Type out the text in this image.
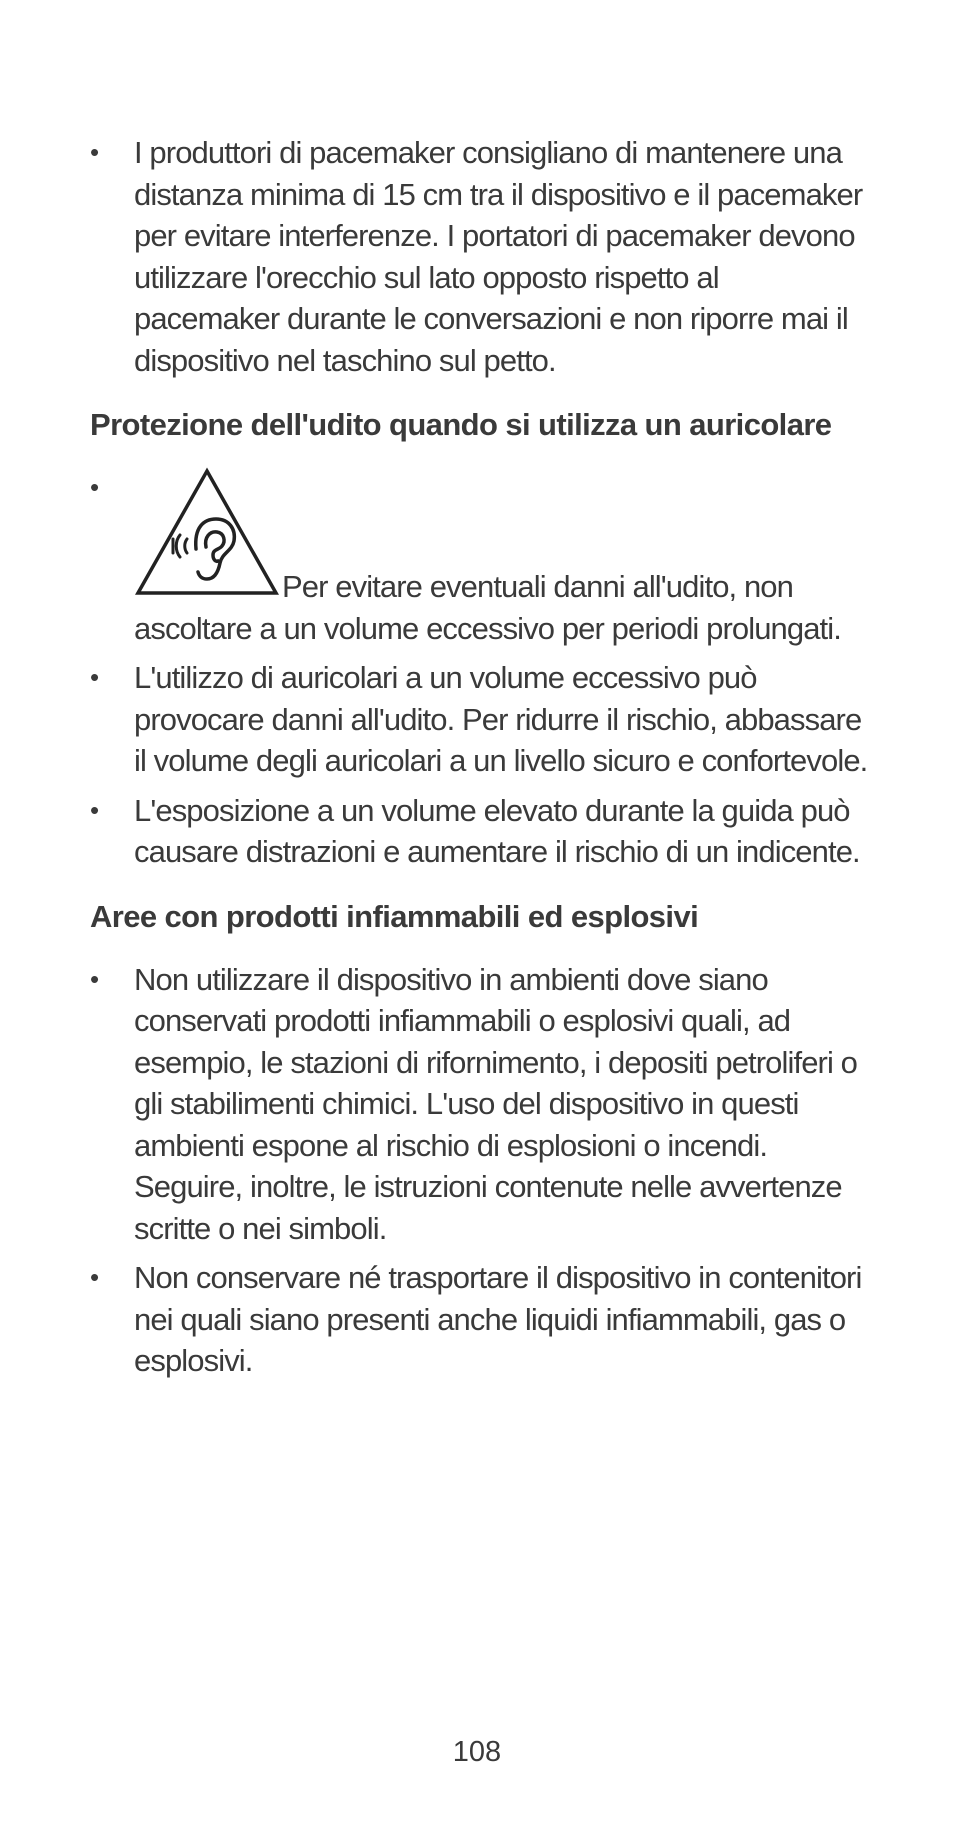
• I produttori di pacemaker consigliano di mantenere una distanza minima di 15 cm tra il dispositivo e il pacemaker per evitare interferenze. I portatori di pacemaker devono utilizzare l'orecchio sul lato opposto rispetto al pacemaker durante le conversazioni e non riporre mai il dispositivo nel taschino sul petto.
Protezione dell'udito quando si utilizza un auricolare
•
Per evitare eventuali danni all'udito, non ascoltare a un volume eccessivo per periodi prolungati.
• L'utilizzo di auricolari a un volume eccessivo può provocare danni all'udito. Per ridurre il rischio, abbassare il volume degli auricolari a un livello sicuro e confortevole.
• L'esposizione a un volume elevato durante la guida può causare distrazioni e aumentare il rischio di un indicente.
Aree con prodotti infiammabili ed esplosivi
• Non utilizzare il dispositivo in ambienti dove siano conservati prodotti infiammabili o esplosivi quali, ad esempio, le stazioni di rifornimento, i depositi petroliferi o gli stabilimenti chimici. L'uso del dispositivo in questi ambienti espone al rischio di esplosioni o incendi. Seguire, inoltre, le istruzioni contenute nelle avvertenze scritte o nei simboli.
• Non conservare né trasportare il dispositivo in contenitori nei quali siano presenti anche liquidi infiammabili, gas o esplosivi.
108
